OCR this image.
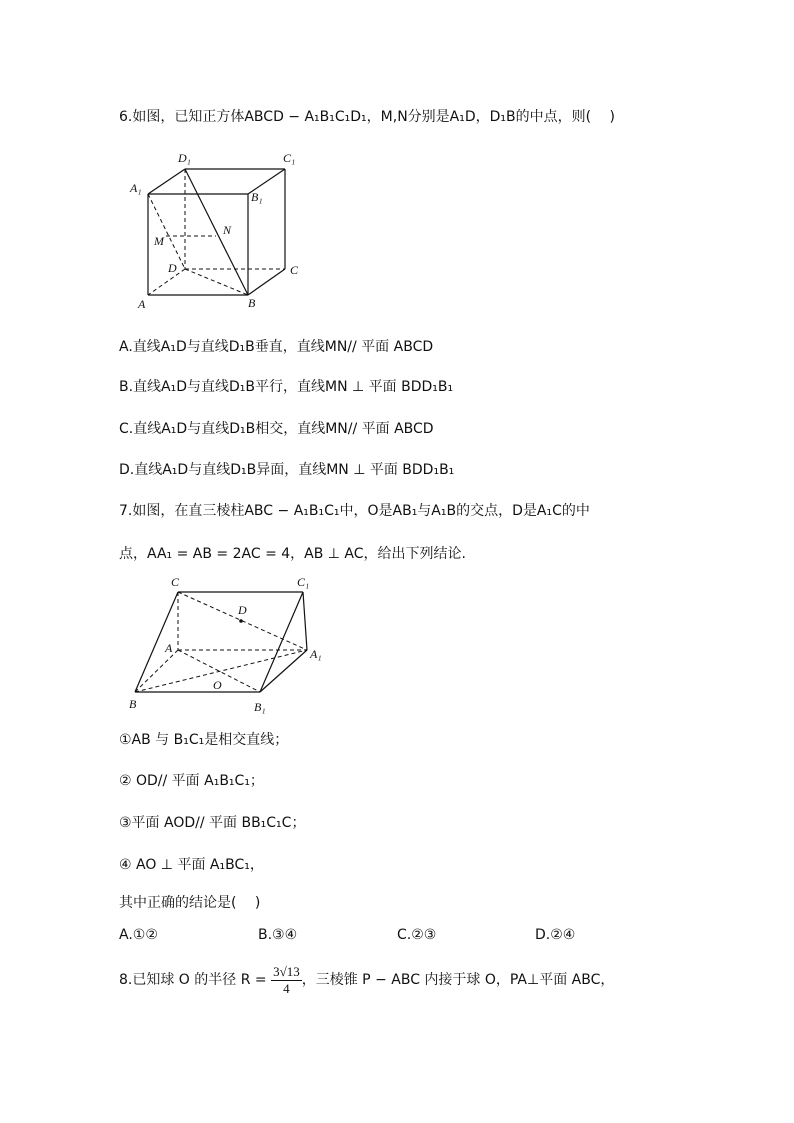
6.如图，已知正方体ABCD − A₁B₁C₁D₁，M,N分别是A₁D，D₁B的中点，则(　 )
D₁	C₁
A₁
B₁
N
M
D	C
A	B
A.直线A₁D与直线D₁B垂直，直线MN// 平面 ABCD
B.直线A₁D与直线D₁B平行，直线MN ⊥ 平面 BDD₁B₁
C.直线A₁D与直线D₁B相交，直线MN// 平面 ABCD
D.直线A₁D与直线D₁B异面，直线MN ⊥ 平面 BDD₁B₁
7.如图，在直三棱柱ABC − A₁B₁C₁中，O是AB₁与A₁B的交点，D是A₁C的中
点，AA₁ = AB = 2AC = 4，AB ⊥ AC，给出下列结论.
C	C₁
D
A	A₁
O
B	B₁
①AB 与 B₁C₁是相交直线；
② OD// 平面 A₁B₁C₁；
③平面 AOD// 平面 BB₁C₁C；
④ AO ⊥ 平面 A₁BC₁，
其中正确的结论是(　 )
A.①②	B.③④	C.②③	D.②④
8.已知球 O 的半径 $R = \frac{3√13}{4}$ ，三棱锥 P − ABC 内接于球 O，PA⊥平面 ABC，
